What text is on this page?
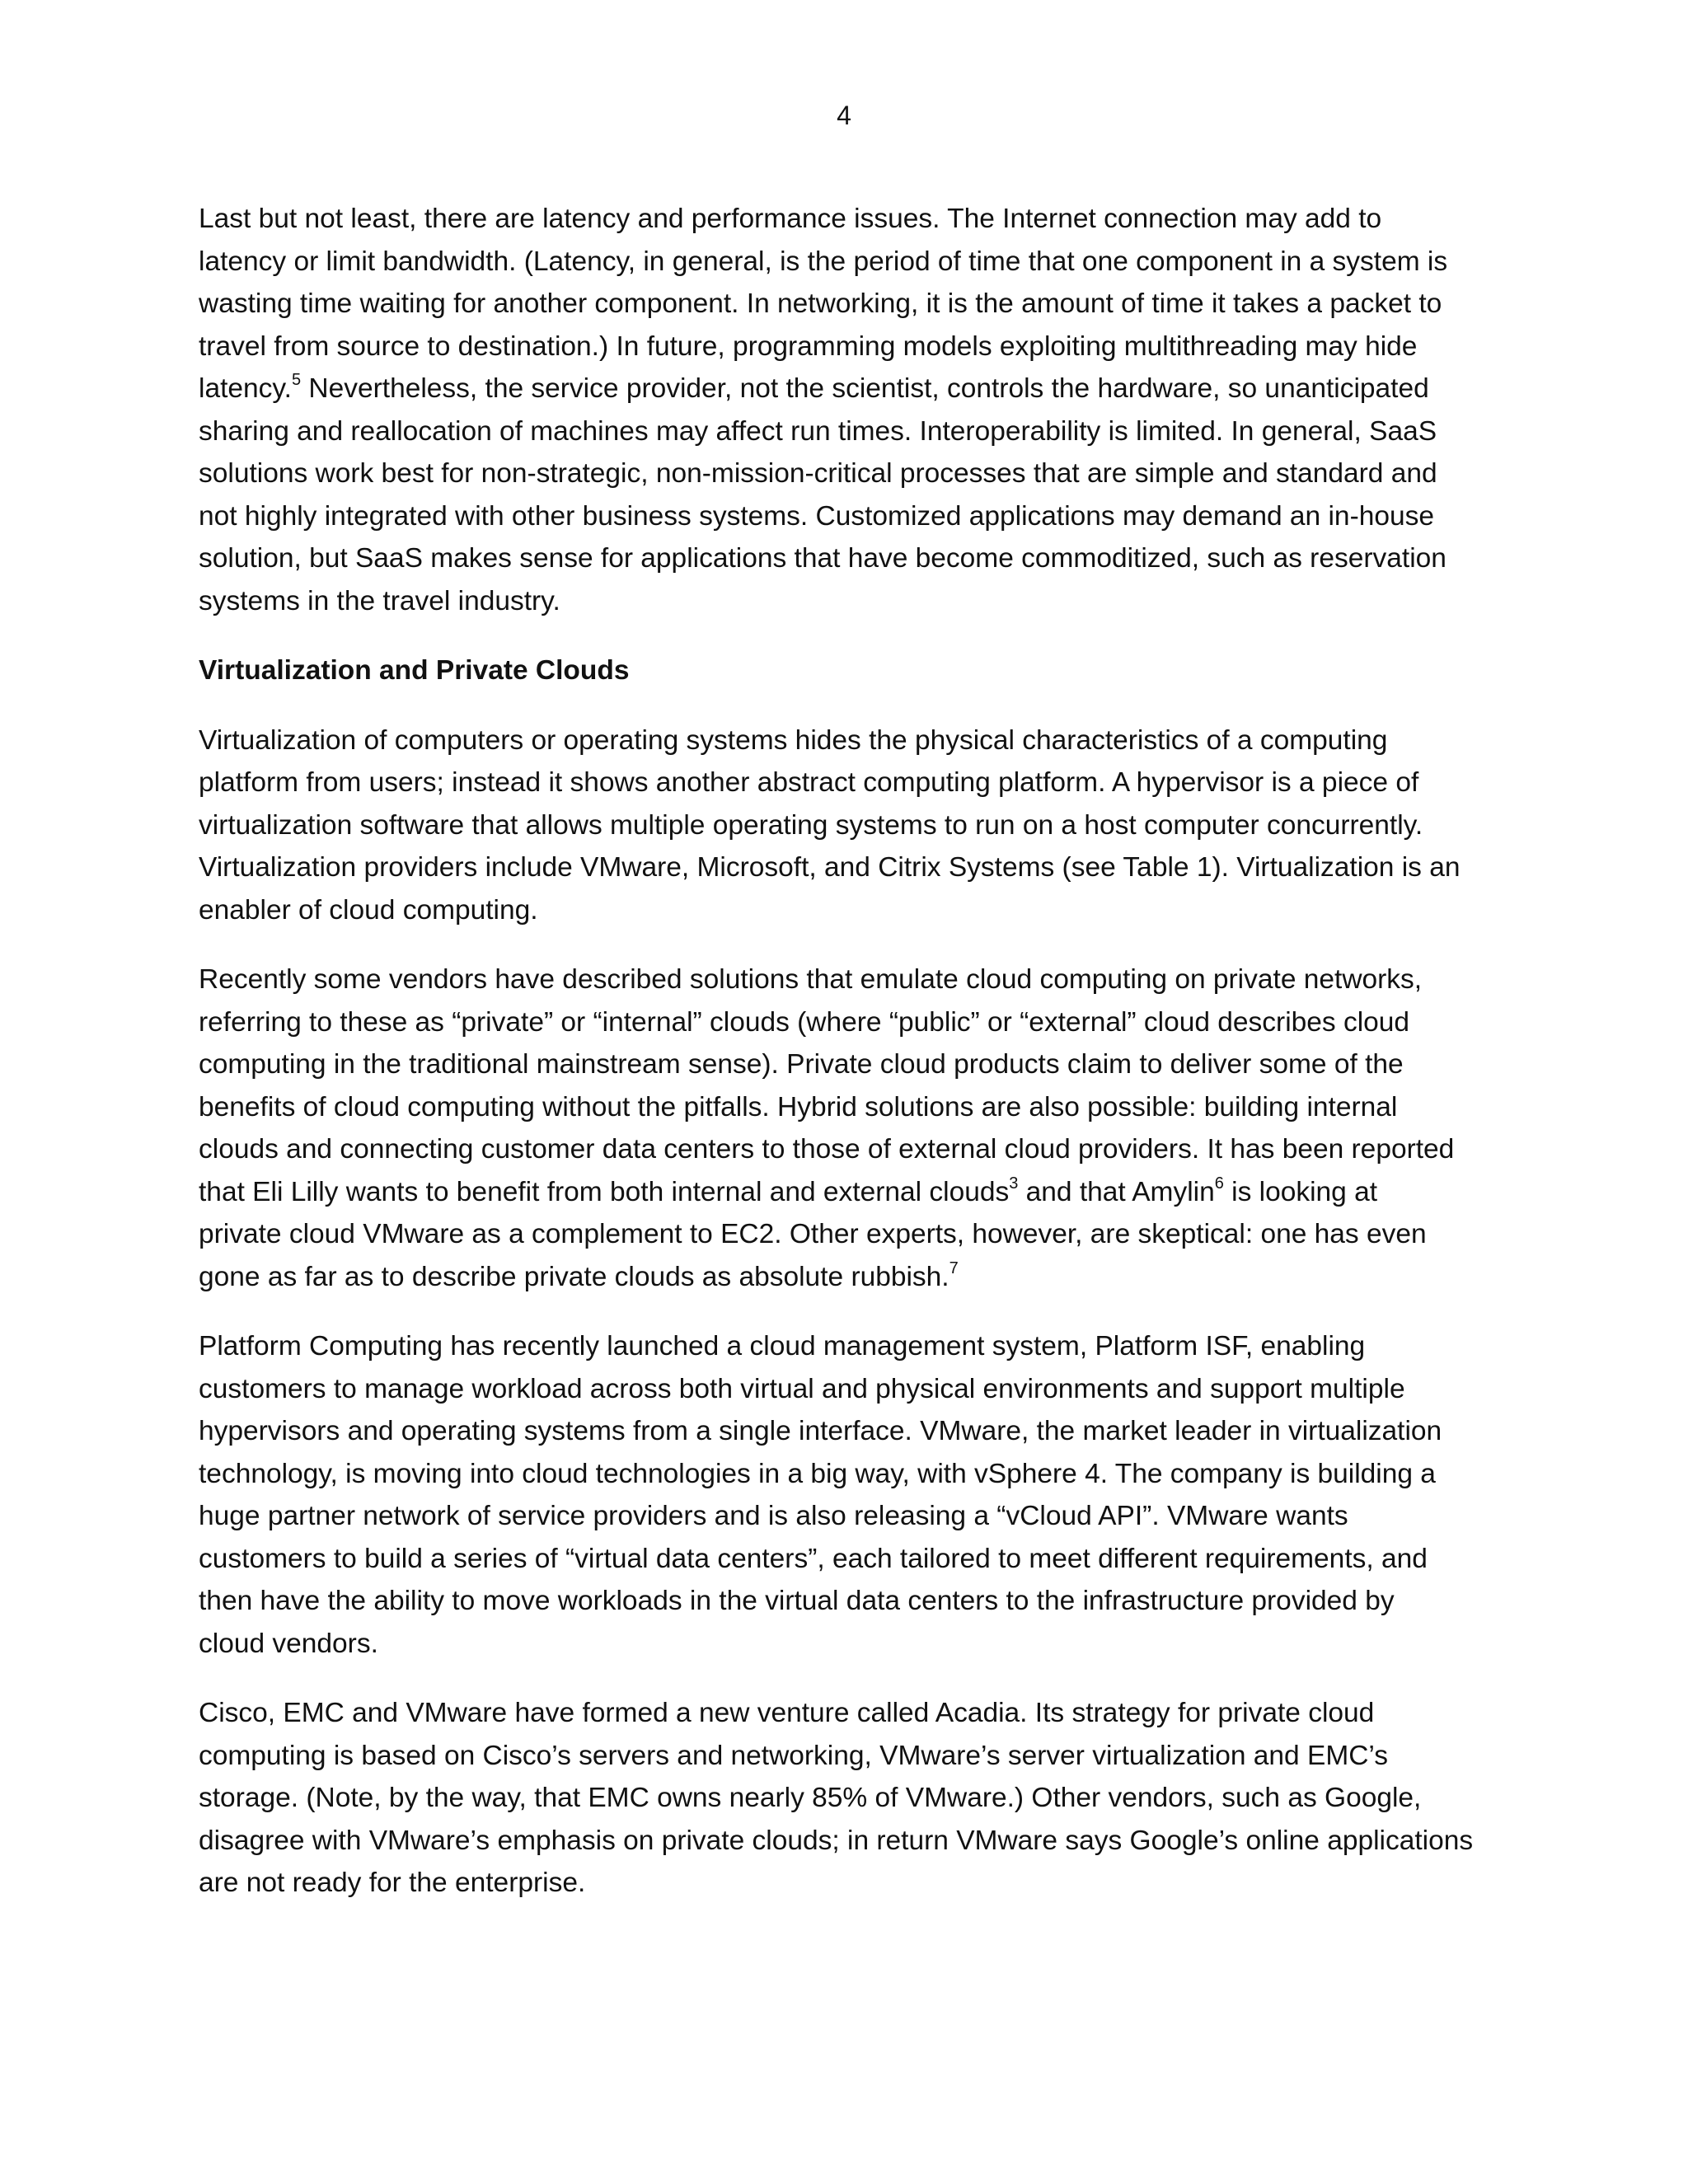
4
Last but not least, there are latency and performance issues. The Internet connection may add to
latency or limit bandwidth. (Latency, in general, is the period of time that one component in a system is
wasting time waiting for another component. In networking, it is the amount of time it takes a packet to
travel from source to destination.) In future, programming models exploiting multithreading may hide
latency.$^5$ Nevertheless, the service provider, not the scientist, controls the hardware, so unanticipated
sharing and reallocation of machines may affect run times. Interoperability is limited. In general, SaaS
solutions work best for non-strategic, non-mission-critical processes that are simple and standard and
not highly integrated with other business systems. Customized applications may demand an in-house
solution, but SaaS makes sense for applications that have become commoditized, such as reservation
systems in the travel industry.
Virtualization and Private Clouds
Virtualization of computers or operating systems hides the physical characteristics of a computing
platform from users; instead it shows another abstract computing platform. A hypervisor is a piece of
virtualization software that allows multiple operating systems to run on a host computer concurrently.
Virtualization providers include VMware, Microsoft, and Citrix Systems (see Table 1). Virtualization is an
enabler of cloud computing.
Recently some vendors have described solutions that emulate cloud computing on private networks,
referring to these as “private” or “internal” clouds (where “public” or “external” cloud describes cloud
computing in the traditional mainstream sense). Private cloud products claim to deliver some of the
benefits of cloud computing without the pitfalls. Hybrid solutions are also possible: building internal
clouds and connecting customer data centers to those of external cloud providers. It has been reported
that Eli Lilly wants to benefit from both internal and external clouds$^3$ and that Amylin$^6$ is looking at
private cloud VMware as a complement to EC2. Other experts, however, are skeptical: one has even
gone as far as to describe private clouds as absolute rubbish.$^7$
Platform Computing has recently launched a cloud management system, Platform ISF, enabling
customers to manage workload across both virtual and physical environments and support multiple
hypervisors and operating systems from a single interface. VMware, the market leader in virtualization
technology, is moving into cloud technologies in a big way, with vSphere 4. The company is building a
huge partner network of service providers and is also releasing a “vCloud API”. VMware wants
customers to build a series of “virtual data centers”, each tailored to meet different requirements, and
then have the ability to move workloads in the virtual data centers to the infrastructure provided by
cloud vendors.
Cisco, EMC and VMware have formed a new venture called Acadia. Its strategy for private cloud
computing is based on Cisco’s servers and networking, VMware’s server virtualization and EMC’s
storage. (Note, by the way, that EMC owns nearly 85% of VMware.) Other vendors, such as Google,
disagree with VMware’s emphasis on private clouds; in return VMware says Google’s online applications
are not ready for the enterprise.
